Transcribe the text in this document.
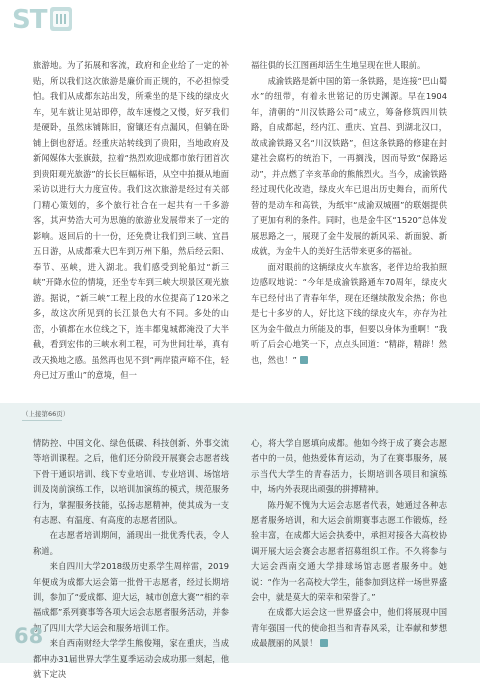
ST

旅游地。为了拓展和客流，政府和企业给了一定的补贴，所以我们这次旅游是廉价而正规的，不必担惊受怕。我们从成都东站出发，所乘坐的是下线的绿皮火车，见车就让见站即停，故车速慢之又慢，好歹我们是硬卧，虽然床铺陈旧，窗镶还有点漏风，但躺在卧铺上倒也舒适。经重庆站转线到了贵阳，当地政府及新闻媒体大张旗鼓，拉着“热烈欢迎成都市旅行团首次到贵阳观光旅游”的长长巨幅标语，从空中拍摄从地面采访以进行大力度宣传。我们这次旅游是经过有关部门精心策划的，多个旅行社合在一起共有一千多游客，其声势浩大可为思施的旅游业发展带来了一定的影响。返回后的十一份，还免费让我们到三峡、宜昌五日游，从成都乘大巴车到万州下船，然后经云阳、奉节、巫峡，进入湖北。我们感受到轮船过“新三峡”开降水位的情境，还坐专车到三峡大坝景区观光旅游。据说，“新三峡”工程上段的水位提高了120米之多，故这次所见到的长江景色大有不同。多处的山峦，小镇都在水位线之下，连丰都鬼城都淹没了大半截，看到宏伟的三峡水利工程，可为世间壮举，真有改天换地之感。虽然再也见不到“两岸猿声啼不住，轻舟已过万重山”的意境，但一

福往俱的长江图画却活生生地呈现在世人眼前。

成渝铁路是新中国的第一条铁路，是连接“巴山蜀水”的纽带，有着永世铭记的历史渊源。早在1904年，清朝的“川汉铁路公司”成立，筹备修筑四川铁路，自成都起，经内江、重庆、宜昌、到湖北汉口，故成渝铁路又名“川汉铁路”，但这条铁路的修建在封建社会腐朽的统治下，一再搁浅，因而导致“保路运动”，并点燃了辛亥革命的熊熊烈火。当今，成渝铁路经过现代化改造，绿皮火车已退出历史舞台，而所代替的是动车和高铁，为纸牢“成渝双城圈”的联姻提供了更加有利的条件。同时，也是金牛区“1520”总体发展思路之一，展现了金牛发展的新风采、新面貌、新成就，为金牛人的美好生活带来更多的福祉。

面对眼前的这辆绿皮火车旅客，老伴边给我拍照边感叹地说：“今年是成渝铁路通车70周年，绿皮火车已经付出了青春年华，现在还继续散发余热；你也是七十多岁的人，好比这下线的绿皮火车，亦存为社区为金牛做点力所能及的事，但要以身体为重啊！”我听了后会心地笑一下，点点头回道：“精辟，精辟！然也，然也！”

（上接第66页）

情防控、中国文化、绿色低碳、科技创新、外事交流等培训课程。之后，他们还分阶段开展赛会志愿者线下骨干通识培训、线下专业培训、专业培训、场馆培训及岗前演练工作，以培训加演练的模式，规范服务行为，掌握服务技能，弘扬志愿精神，使其成为一支有志愿、有温度、有高度的志愿者团队。

在志愿者培训期间，涌现出一批优秀代表，令人称道。

来自四川大学2018级历史系学生周梓雷，2019年便成为成都大运会第一批骨干志愿者，经过长期培训，参加了“爱成都、迎大运，城市创意大赛”“相约幸福成都”系列赛事等各项大运会志愿者服务活动，并参加了四川大学大运会和服务培训工作。

来自西南财经大学学生熊俊翔，家在重庆，当成都申办31届世界大学生夏季运动会成功那一刻起，他就下定决

心，将大学自愿填向成都。他如今终于成了赛会志愿者中的一员，他热爱体育运动，为了在赛事服务，展示当代大学生的青春活力，长期培训各项目和演练中，场内外表现出顽强的拼搏精神。

陈丹妮不愧为大运会志愿者代表，她通过各种志愿者服务培训，和大运会前期赛事志愿工作锻炼，经验丰富，在成都大运会执委中，承担对接各大高校协调开展大运会赛会志愿者招募组织工作。不久将参与大运会西南交通大学排球场馆志愿者服务中。她说：“作为一名高校大学生，能参加到这样一场世界盛会中，就是莫大的荣幸和荣誉了。”

在成都大运会这一世界盛会中，他们将展现中国青年强国一代的使命担当和青春风采，让奉献和梦想成最靓丽的风景！

68
